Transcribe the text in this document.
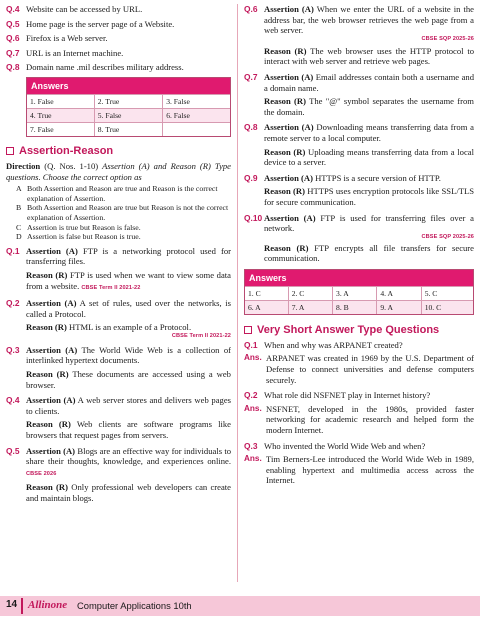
Q.4 Website can be accessed by URL.
Q.5 Home page is the server page of a Website.
Q.6 Firefox is a Web server.
Q.7 URL is an Internet machine.
Q.8 Domain name .mil describes military address.
Answers
1. False	2. True	3. False
4. True	5. False	6. False
7. False	8. True	
Assertion-Reason
Direction (Q. Nos. 1-10) Assertion (A) and Reason (R) Type questions. Choose the correct option as
A Both Assertion and Reason are true and Reason is the correct explanation of Assertion.
B Both Assertion and Reason are true but Reason is not the correct explanation of Assertion.
C Assertion is true but Reason is false.
D Assertion is false but Reason is true.
Q.1 Assertion (A) FTP is a networking protocol used for transferring files.
Reason (R) FTP is used when we want to view some data from a website. CBSE Term II 2021-22
Q.2 Assertion (A) A set of rules, used over the networks, is called a Protocol.
Reason (R) HTML is an example of a Protocol.
CBSE Term II 2021-22
Q.3 Assertion (A) The World Wide Web is a collection of interlinked hypertext documents.
Reason (R) These documents are accessed using a web browser.
Q.4 Assertion (A) A web server stores and delivers web pages to clients.
Reason (R) Web clients are software programs like browsers that request pages from servers.
Q.5 Assertion (A) Blogs are an effective way for individuals to share their thoughts, knowledge, and experiences online. CBSE 2026
Reason (R) Only professional web developers can create and maintain blogs.
Q.6 Assertion (A) When we enter the URL of a website in the address bar, the web browser retrieves the web page from a web server.
CBSE SQP 2025-26
Reason (R) The web browser uses the HTTP protocol to interact with web server and retrieve web pages.
Q.7 Assertion (A) Email addresses contain both a username and a domain name.
Reason (R) The "@" symbol separates the username from the domain.
Q.8 Assertion (A) Downloading means transferring data from a remote server to a local computer.
Reason (R) Uploading means transferring data from a local device to a server.
Q.9 Assertion (A) HTTPS is a secure version of HTTP.
Reason (R) HTTPS uses encryption protocols like SSL/TLS for secure communication.
Q.10 Assertion (A) FTP is used for transferring files over a network.
CBSE SQP 2025-26
Reason (R) FTP encrypts all file transfers for secure communication.
Answers
1. C	2. C	3. A	4. A	5. C
6. A	7. A	8. B	9. A	10. C
Very Short Answer Type Questions
Q.1 When and why was ARPANET created?
Ans. ARPANET was created in 1969 by the U.S. Department of Defense to connect universities and defense computers securely.
Q.2 What role did NSFNET play in Internet history?
Ans. NSFNET, developed in the 1980s, provided faster networking for academic research and helped form the modern Internet.
Q.3 Who invented the World Wide Web and when?
Ans. Tim Berners-Lee introduced the World Wide Web in 1989, enabling hypertext and multimedia access across the Internet.
14 Allinone Computer Applications 10th
